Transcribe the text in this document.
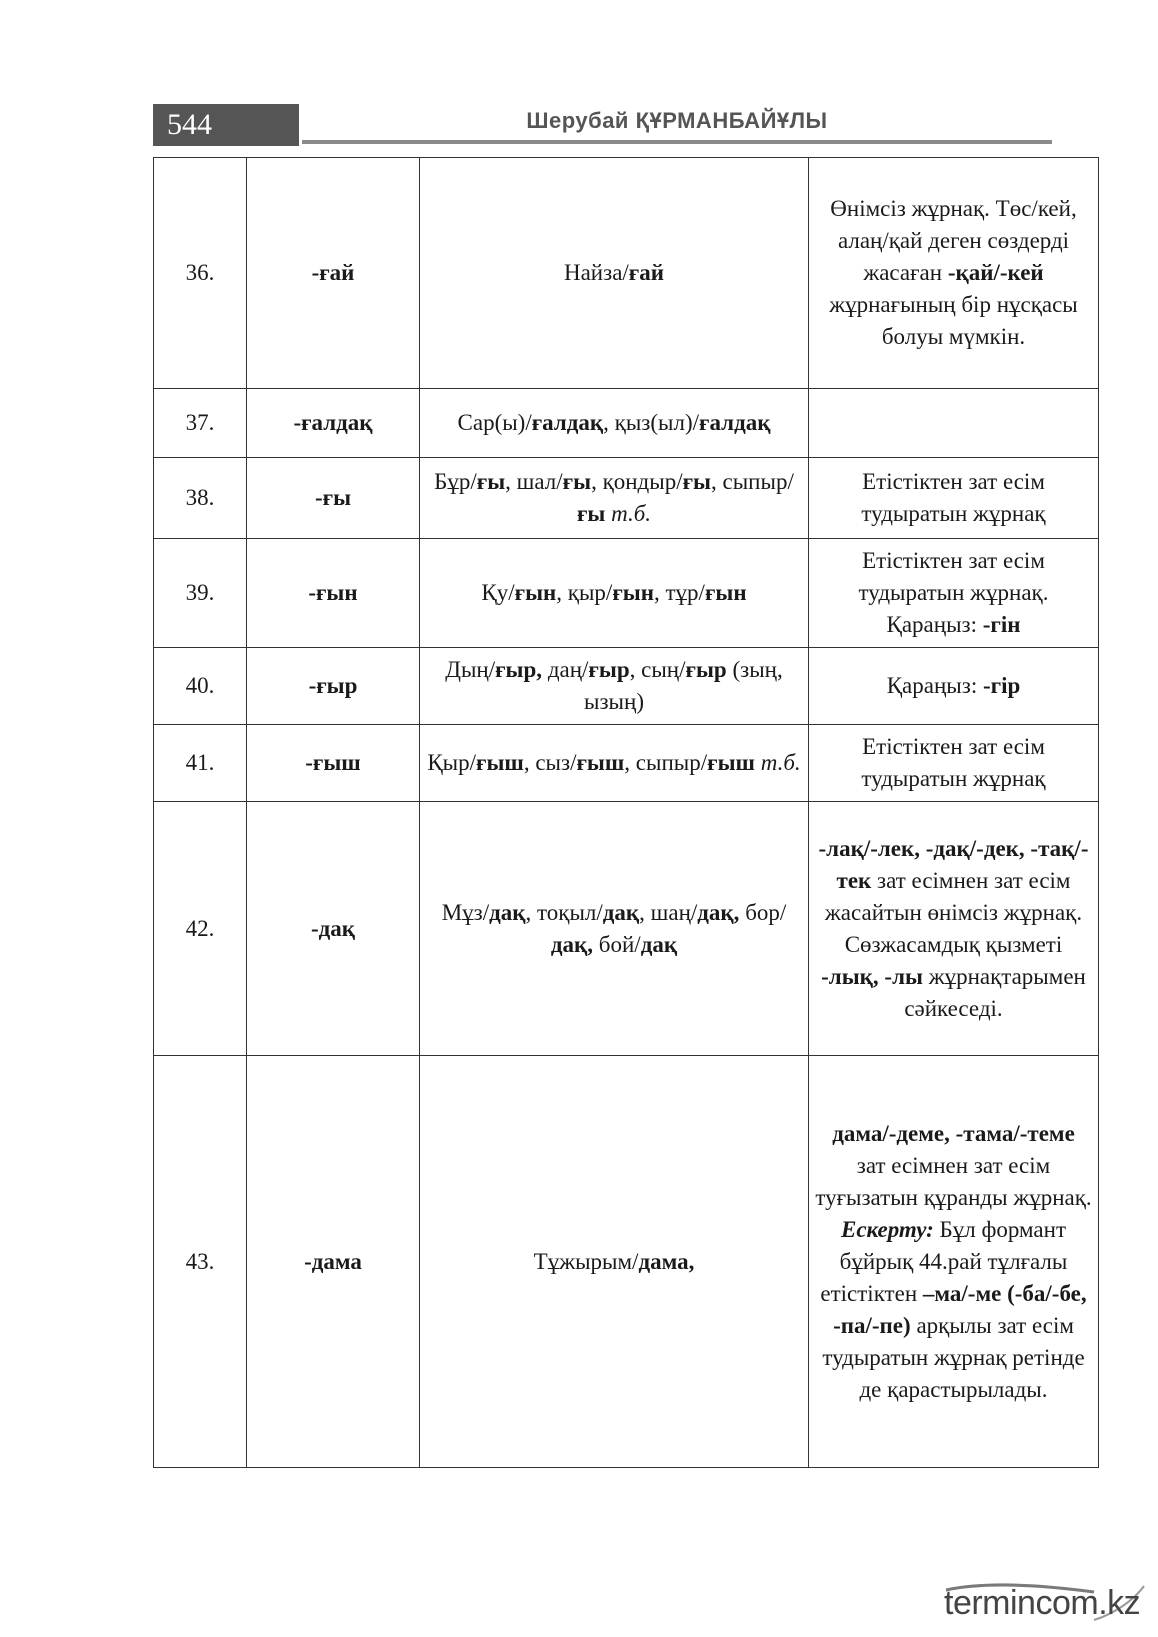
544	Шерубай ҚҰРМАНБАЙҰЛЫ
36.	-ғай	Найза/ғай	Өнімсіз жұрнақ. Төс/кей, алаң/қай деген сөздерді жасаған -қай/-кей жұрнағының бір нұсқасы болуы мүмкін.
37.	-ғалдақ	Сар(ы)/ғалдақ, қыз(ыл)/ғалдақ	
38.	-ғы	Бұр/ғы, шал/ғы, қондыр/ғы, сыпыр/ғы т.б.	Етістіктен зат есім тудыратын жұрнақ
39.	-ғын	Қу/ғын, қыр/ғын, тұр/ғын	Етістіктен зат есім тудыратын жұрнақ. Қараңыз: -гін
40.	-ғыр	Дың/ғыр, даң/ғыр, сың/ғыр (зың, ызың)	Қараңыз: -гір
41.	-ғыш	Қыр/ғыш, сыз/ғыш, сыпыр/ғыш т.б.	Етістіктен зат есім тудыратын жұрнақ
42.	-дақ	Мұз/дақ, тоқыл/дақ, шаң/дақ, бор/дақ, бой/дақ	-лақ/-лек, -дақ/-дек, -тақ/-тек зат есімнен зат есім жасайтын өнімсіз жұрнақ. Сөзжасамдық қызметі -лық, -лы жұрнақтарымен сәйкеседі.
43.	-дама	Тұжырым/дама,	дама/-деме, -тама/-теме зат есімнен зат есім туғызатын құранды жұрнақ. Ескерту: Бұл формант бұйрық 44.рай тұлғалы етістіктен –ма/-ме (-ба/-бе, -па/-пе) арқылы зат есім тудыратын жұрнақ ретінде де қарастырылады.
termincom.kz
